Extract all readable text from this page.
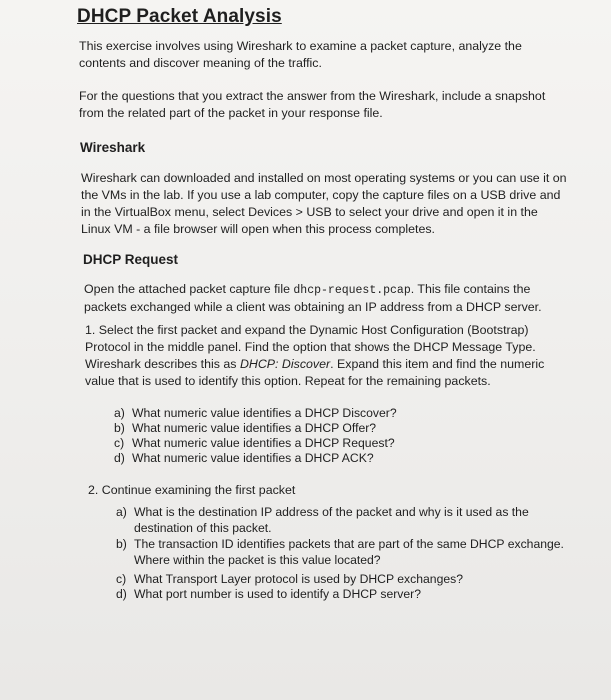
DHCP Packet Analysis

This exercise involves using Wireshark to examine a packet capture, analyze the contents and discover meaning of the traffic.

For the questions that you extract the answer from the Wireshark, include a snapshot from the related part of the packet in your response file.

Wireshark

Wireshark can downloaded and installed on most operating systems or you can use it on the VMs in the lab. If you use a lab computer, copy the capture files on a USB drive and in the VirtualBox menu, select Devices > USB to select your drive and open it in the Linux VM - a file browser will open when this process completes.

DHCP Request

Open the attached packet capture file dhcp-request.pcap. This file contains the packets exchanged while a client was obtaining an IP address from a DHCP server.

1. Select the first packet and expand the Dynamic Host Configuration (Bootstrap) Protocol in the middle panel. Find the option that shows the DHCP Message Type. Wireshark describes this as DHCP: Discover. Expand this item and find the numeric value that is used to identify this option. Repeat for the remaining packets.

a) What numeric value identifies a DHCP Discover?
b) What numeric value identifies a DHCP Offer?
c) What numeric value identifies a DHCP Request?
d) What numeric value identifies a DHCP ACK?
2. Continue examining the first packet
a) What is the destination IP address of the packet and why is it used as the destination of this packet.
b) The transaction ID identifies packets that are part of the same DHCP exchange. Where within the packet is this value located?
c) What Transport Layer protocol is used by DHCP exchanges?
d) What port number is used to identify a DHCP server?
